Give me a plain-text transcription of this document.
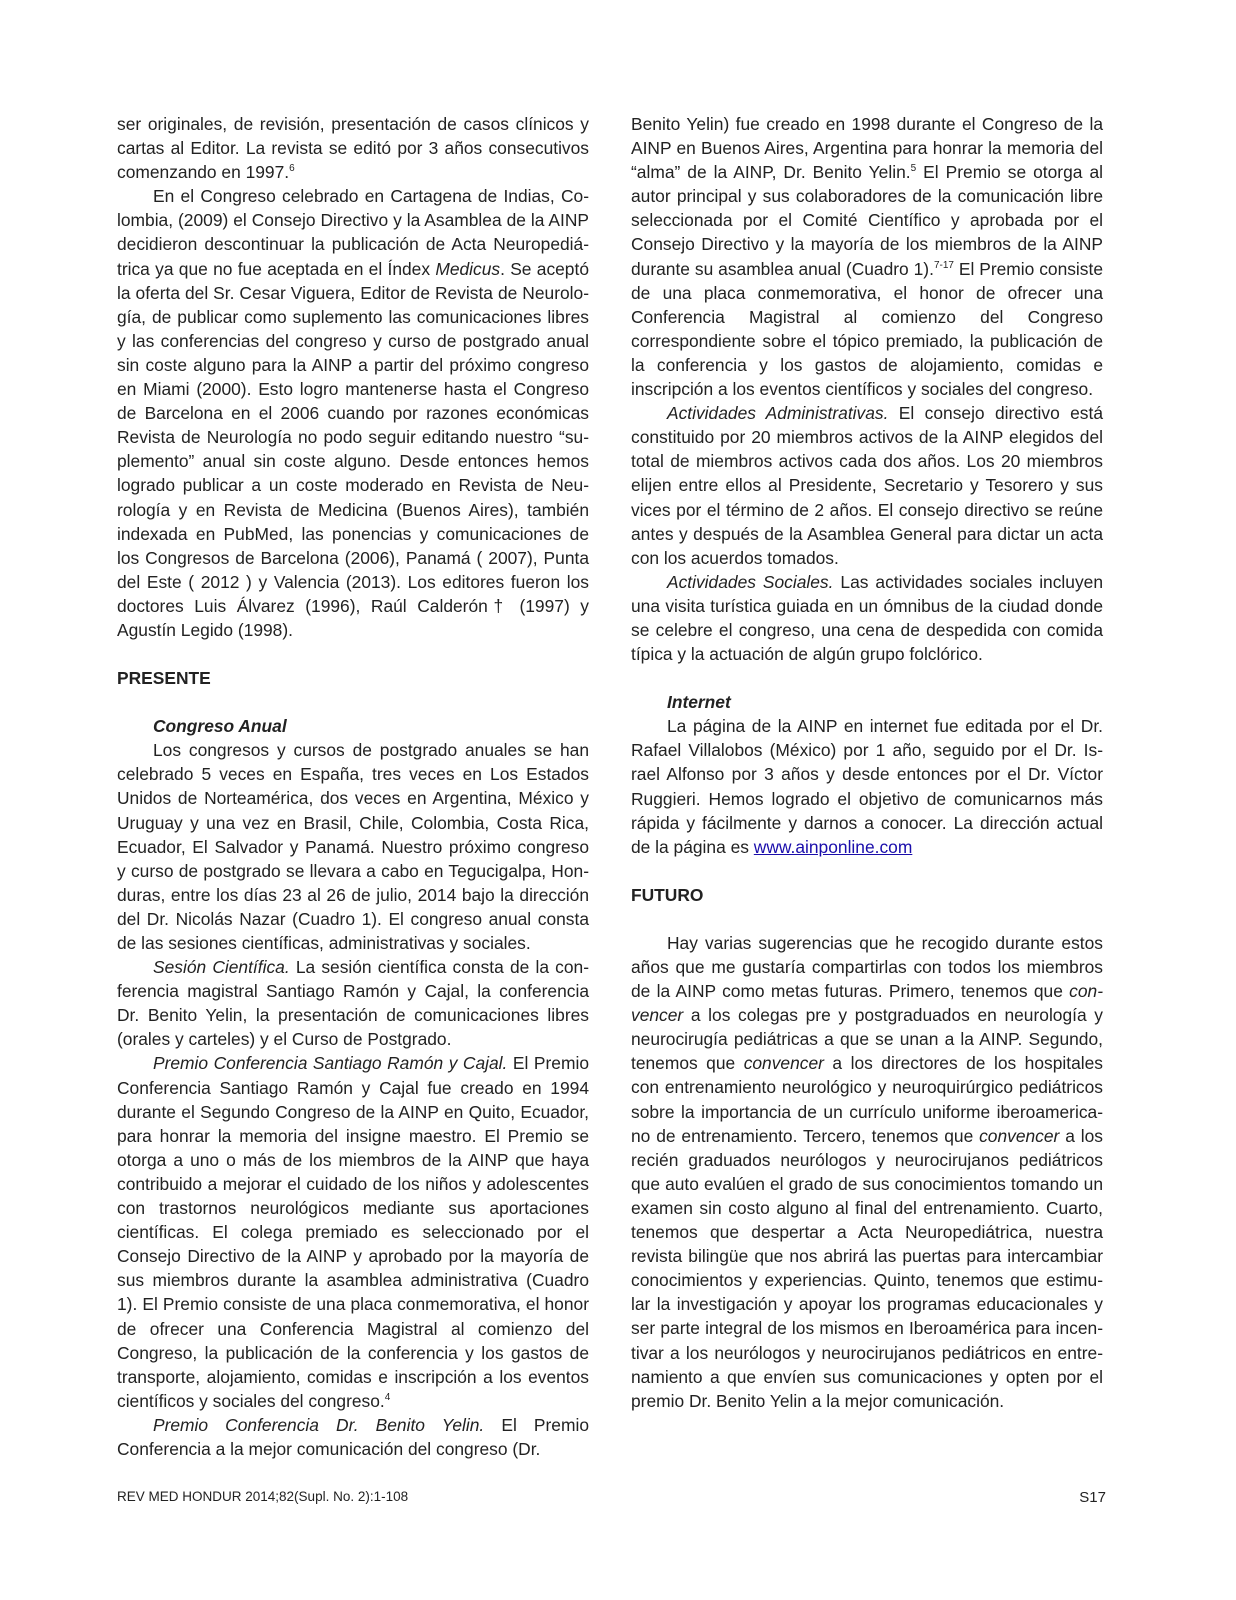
ser originales, de revisión, presentación de casos clínicos y cartas al Editor. La revista se editó por 3 años consecutivos comenzando en 1997.$^6$

En el Congreso celebrado en Cartagena de Indias, Colombia, (2009) el Consejo Directivo y la Asamblea de la AINP decidieron descontinuar la publicación de Acta Neuropediátrica ya que no fue aceptada en el Índex Medicus. Se aceptó la oferta del Sr. Cesar Viguera, Editor de Revista de Neurología, de publicar como suplemento las comunicaciones libres y las conferencias del congreso y curso de postgrado anual sin coste alguno para la AINP a partir del próximo congreso en Miami (2000). Esto logro mantenerse hasta el Congreso de Barcelona en el 2006 cuando por razones económicas Revista de Neurología no podo seguir editando nuestro “suplemento” anual sin coste alguno. Desde entonces hemos logrado publicar a un coste moderado en Revista de Neurología y en Revista de Medicina (Buenos Aires), también indexada en PubMed, las ponencias y comunicaciones de los Congresos de Barcelona (2006), Panamá ( 2007), Punta del Este ( 2012 ) y Valencia (2013). Los editores fueron los doctores Luis Álvarez (1996), Raúl Calderón† (1997) y Agustín Legido (1998).

PRESENTE

Congreso Anual

Los congresos y cursos de postgrado anuales se han celebrado 5 veces en España, tres veces en Los Estados Unidos de Norteamérica, dos veces en Argentina, México y Uruguay y una vez en Brasil, Chile, Colombia, Costa Rica, Ecuador, El Salvador y Panamá. Nuestro próximo congreso y curso de postgrado se llevara a cabo en Tegucigalpa, Honduras, entre los días 23 al 26 de julio, 2014 bajo la dirección del Dr. Nicolás Nazar (Cuadro 1). El congreso anual consta de las sesiones científicas, administrativas y sociales.

Sesión Científica. La sesión científica consta de la conferencia magistral Santiago Ramón y Cajal, la conferencia Dr. Benito Yelin, la presentación de comunicaciones libres (orales y carteles) y el Curso de Postgrado.

Premio Conferencia Santiago Ramón y Cajal. El Premio Conferencia Santiago Ramón y Cajal fue creado en 1994 durante el Segundo Congreso de la AINP en Quito, Ecuador, para honrar la memoria del insigne maestro. El Premio se otorga a uno o más de los miembros de la AINP que haya contribuido a mejorar el cuidado de los niños y adolescentes con trastornos neurológicos mediante sus aportaciones científicas. El colega premiado es seleccionado por el Consejo Directivo de la AINP y aprobado por la mayoría de sus miembros durante la asamblea administrativa (Cuadro 1). El Premio consiste de una placa conmemorativa, el honor de ofrecer una Conferencia Magistral al comienzo del Congreso, la publicación de la conferencia y los gastos de transporte, alojamiento, comidas e inscripción a los eventos científicos y sociales del congreso.$^4$

Premio Conferencia Dr. Benito Yelin. El Premio Conferencia a la mejor comunicación del congreso (Dr.

Benito Yelin) fue creado en 1998 durante el Congreso de la AINP en Buenos Aires, Argentina para honrar la memoria del “alma” de la AINP, Dr. Benito Yelin.$^5$ El Premio se otorga al autor principal y sus colaboradores de la comunicación libre seleccionada por el Comité Científico y aprobada por el Consejo Directivo y la mayoría de los miembros de la AINP durante su asamblea anual (Cuadro 1).$^{7-17}$ El Premio consiste de una placa conmemorativa, el honor de ofrecer una Conferencia Magistral al comienzo del Congreso correspondiente sobre el tópico premiado, la publicación de la conferencia y los gastos de alojamiento, comidas e inscripción a los eventos científicos y sociales del congreso.

Actividades Administrativas. El consejo directivo está constituido por 20 miembros activos de la AINP elegidos del total de miembros activos cada dos años. Los 20 miembros elijen entre ellos al Presidente, Secretario y Tesorero y sus vices por el término de 2 años. El consejo directivo se reúne antes y después de la Asamblea General para dictar un acta con los acuerdos tomados.

Actividades Sociales. Las actividades sociales incluyen una visita turística guiada en un ómnibus de la ciudad donde se celebre el congreso, una cena de despedida con comida típica y la actuación de algún grupo folclórico.

Internet

La página de la AINP en internet fue editada por el Dr. Rafael Villalobos (México) por 1 año, seguido por el Dr. Israel Alfonso por 3 años y desde entonces por el Dr. Víctor Ruggieri. Hemos logrado el objetivo de comunicarnos más rápida y fácilmente y darnos a conocer. La dirección actual de la página es www.ainponline.com

FUTURO

Hay varias sugerencias que he recogido durante estos años que me gustaría compartirlas con todos los miembros de la AINP como metas futuras. Primero, tenemos que convencer a los colegas pre y postgraduados en neurología y neurocirugía pediátricas a que se unan a la AINP. Segundo, tenemos que convencer a los directores de los hospitales con entrenamiento neurológico y neuroquirúrgico pediátricos sobre la importancia de un currículo uniforme iberoamericano de entrenamiento. Tercero, tenemos que convencer a los recién graduados neurólogos y neurocirujanos pediátricos que auto evalúen el grado de sus conocimientos tomando un examen sin costo alguno al final del entrenamiento. Cuarto, tenemos que despertar a Acta Neuropediátrica, nuestra revista bilingüe que nos abrirá las puertas para intercambiar conocimientos y experiencias. Quinto, tenemos que estimular la investigación y apoyar los programas educacionales y ser parte integral de los mismos en Iberoamérica para incentivar a los neurólogos y neurocirujanos pediátricos en entrenamiento a que envíen sus comunicaciones y opten por el premio Dr. Benito Yelin a la mejor comunicación.

REV MED HONDUR 2014;82(Supl. No. 2):1-108	S17
